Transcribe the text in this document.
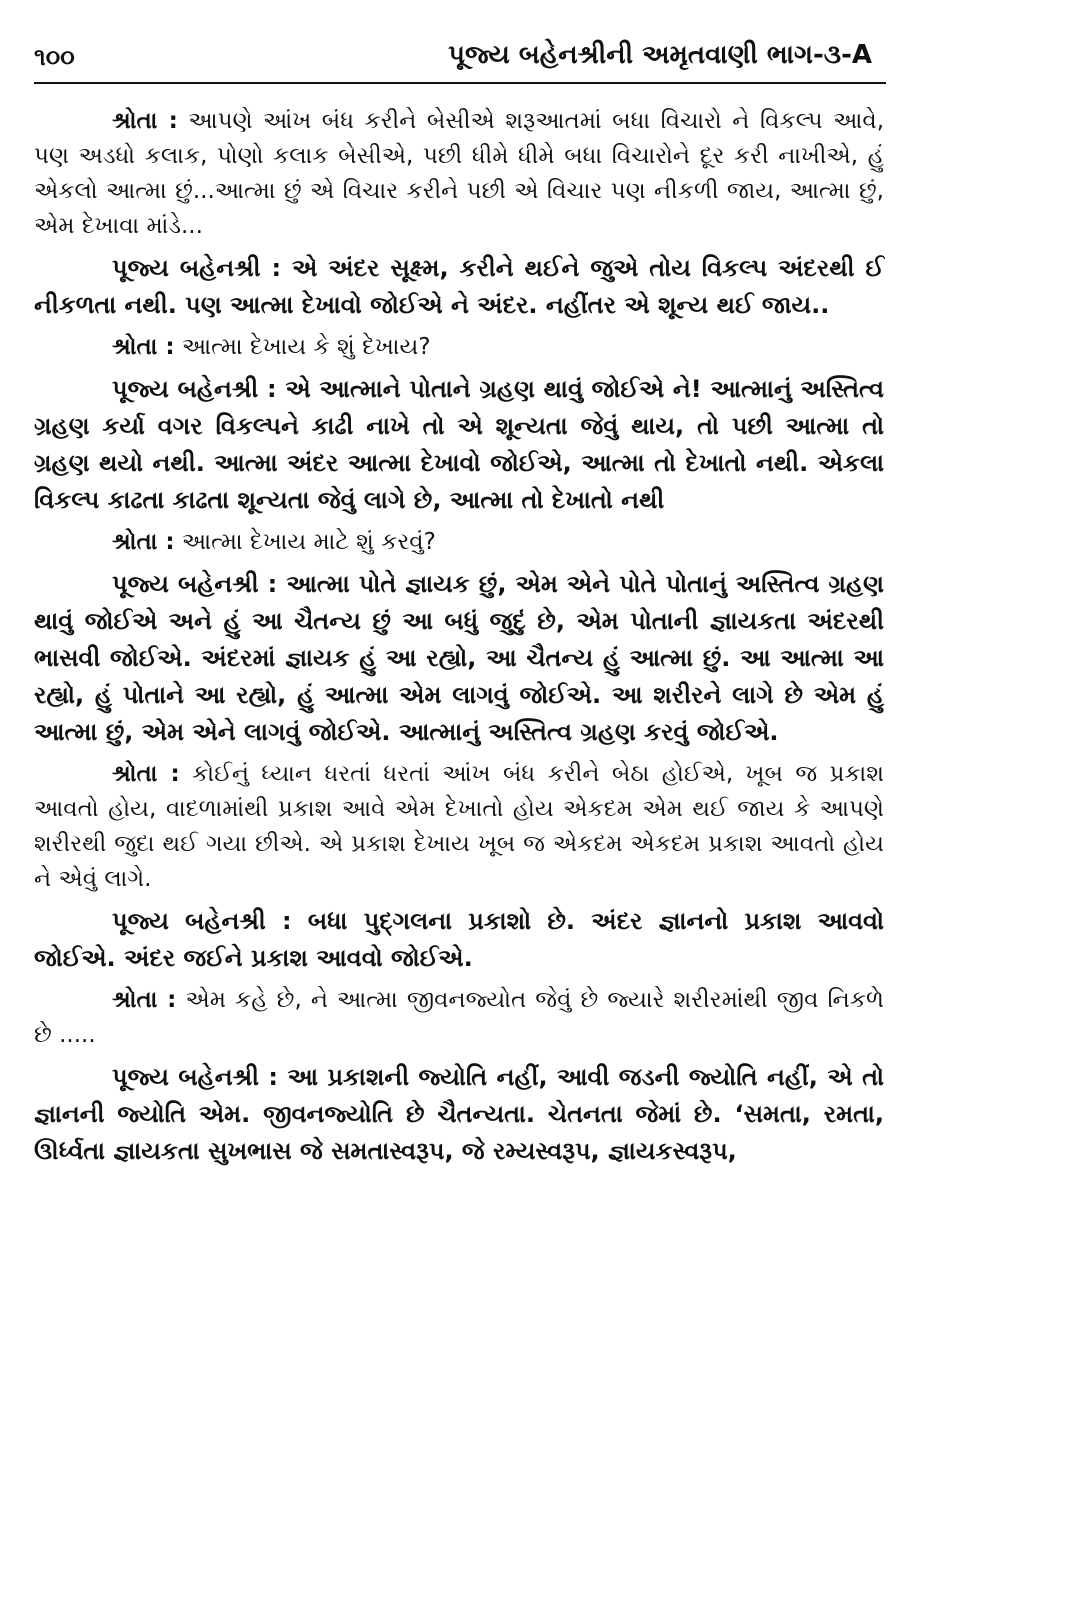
૧૦૦	પૂજ્ય બહેનશ્રીની અમૃતવાણી ભાગ-૩-A

શ્રોતા : આપણે આંખ બંધ કરીને બેસીએ શરૂઆતમાં બધા વિચારો ને વિકલ્પ આવે, પણ અડધો કલાક, પોણો કલાક બેસીએ, પછી ધીમે ધીમે બધા વિચારોને દૂર કરી નાખીએ, હું એકલો આત્મા છું...આત્મા છું એ વિચાર કરીને પછી એ વિચાર પણ નીકળી જાય, આત્મા છું, એમ દેખાવા માંડે...

પૂજ્ય બહેનશ્રી : એ અંદર સૂક્ષ્મ, કરીને થઈને જુએ તોય વિકલ્પ અંદરથી ઈ નીકળતા નથી. પણ આત્મા દેખાવો જોઈએ ને અંદર. નહીંતર એ શૂન્ય થઈ જાય..

શ્રોતા : આત્મા દેખાય કે શું દેખાય?

પૂજ્ય બહેનશ્રી : એ આત્માને પોતાને ગ્રહણ થાવું જોઈએ ને! આત્માનું અસ્તિત્વ ગ્રહણ કર્યા વગર વિકલ્પને કાઢી નાખે તો એ શૂન્યતા જેવું થાય, તો પછી આત્મા તો ગ્રહણ થયો નથી. આત્મા અંદર આત્મા દેખાવો જોઈએ, આત્મા તો દેખાતો નથી. એકલા વિકલ્પ કાઢતા કાઢતા શૂન્યતા જેવું લાગે છે, આત્મા તો દેખાતો નથી

શ્રોતા : આત્મા દેખાય માટે શું કરવું?

પૂજ્ય બહેનશ્રી : આત્મા પોતે જ્ઞાયક છું, એમ એને પોતે પોતાનું અસ્તિત્વ ગ્રહણ થાવું જોઈએ અને હું આ ચૈતન્ય છું આ બધું જુદું છે, એમ પોતાની જ્ઞાયકતા અંદરથી ભાસવી જોઈએ. અંદરમાં જ્ઞાયક હું આ રહ્યો, આ ચૈતન્ય હું આત્મા છું. આ આત્મા આ રહ્યો, હું પોતાને આ રહ્યો, હું આત્મા એમ લાગવું જોઈએ. આ શરીરને લાગે છે એમ હું આત્મા છું, એમ એને લાગવું જોઈએ. આત્માનું અસ્તિત્વ ગ્રહણ કરવું જોઈએ.

શ્રોતા : કોઈનું ધ્યાન ધરતાં ધરતાં આંખ બંધ કરીને બેઠા હોઈએ, ખૂબ જ પ્રકાશ આવતો હોય, વાદળામાંથી પ્રકાશ આવે એમ દેખાતો હોય એકદમ એમ થઈ જાય કે આપણે શરીરથી જુદા થઈ ગયા છીએ. એ પ્રકાશ દેખાય ખૂબ જ એકદમ એકદમ પ્રકાશ આવતો હોય ને એવું લાગે.

પૂજ્ય બહેનશ્રી : બધા પુદ્ગલના પ્રકાશો છે. અંદર જ્ઞાનનો પ્રકાશ આવવો જોઈએ. અંદર જઈને પ્રકાશ આવવો જોઈએ.

શ્રોતા : એમ કહે છે, ને આત્મા જીવનજ્યોત જેવું છે જ્યારે શરીરમાંથી જીવ નિકળે છે .....

પૂજ્ય બહેનશ્રી : આ પ્રકાશની જ્યોતિ નહીં, આવી જડની જ્યોતિ નહીં, એ તો જ્ઞાનની જ્યોતિ એમ. જીવનજ્યોતિ છે ચૈતન્યતા. ચેતનતા જેમાં છે. ‘સમતા, રમતા, ઊર્ધ્વતા જ્ઞાયકતા સુખભાસ જે સમતાસ્વરૂપ, જે રમ્યસ્વરૂપ, જ્ઞાયકસ્વરૂપ,
